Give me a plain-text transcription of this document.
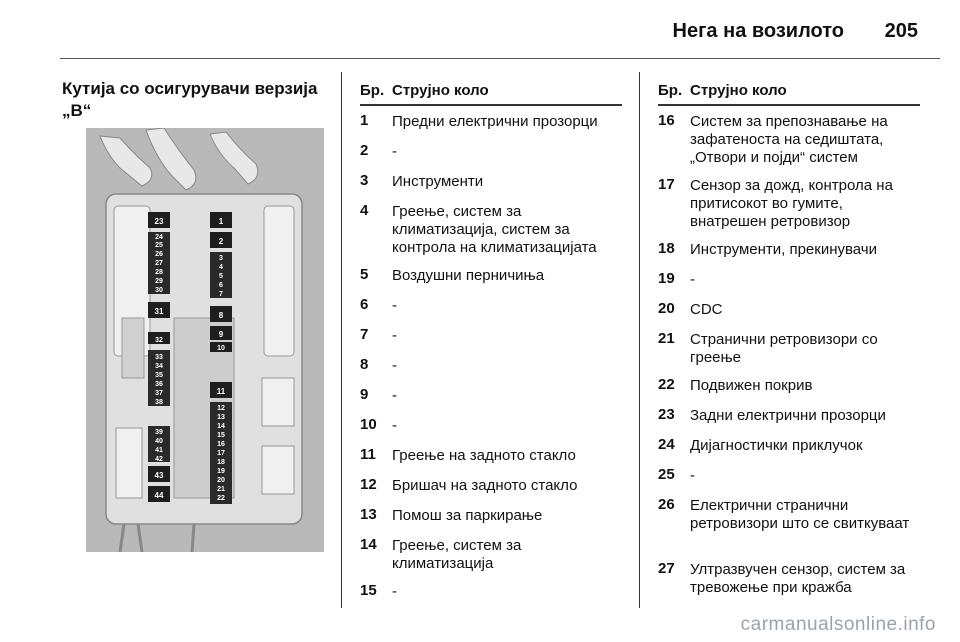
Нега на возилото 205
Кутија со осигурувачи верзија „B“
23
24
25
26
27
28
29
30
31
32
33
34
35
36
37
38
39
40
41
42
43
44
1
2
3
4
5
6
7
8
9
10
11
12
13
14
15
16
17
18
19
20
21
22
Бр. Струјно коло
1 Предни електрични прозорци
2 -
3 Инструменти
4 Греење, систем за климатизација, систем за контрола на климатизацијата
5 Воздушни перничиња
6 -
7 -
8 -
9 -
10 -
11 Греење на задното стакло
12 Бришач на задното стакло
13 Помош за паркирање
14 Греење, систем за климатизација
15 -
Бр. Струјно коло
16 Систем за препознавање на зафатеноста на седиштата, „Отвори и појди“ систем
17 Сензор за дожд, контрола на притисокот во гумите, внатрешен ретровизор
18 Инструменти, прекинувачи
19 -
20 CDC
21 Странични ретровизори со греење
22 Подвижен покрив
23 Задни електрични прозорци
24 Дијагностички приклучок
25 -
26 Електрични странични ретровизори што се свиткуваат
27 Ултразвучен сензор, систем за тревожење при кражба
carmanualsonline.info
